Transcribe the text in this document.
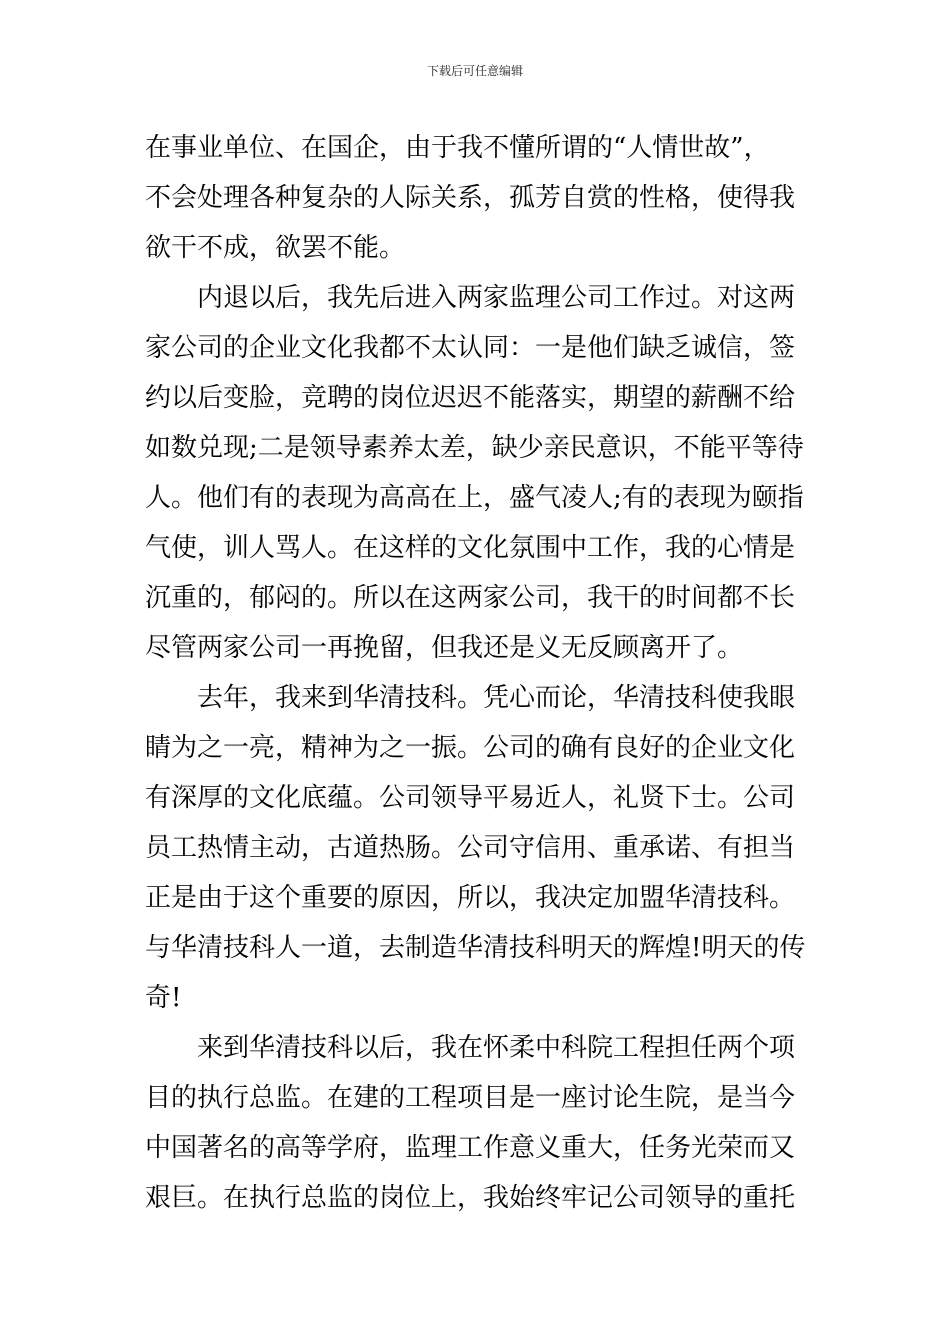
下载后可任意编辑
在事业单位、在国企，由于我不懂所谓的“人情世故”，
不会处理各种复杂的人际关系，孤芳自赏的性格，使得我
欲干不成，欲罢不能。
内退以后，我先后进入两家监理公司工作过。对这两
家公司的企业文化我都不太认同：一是他们缺乏诚信，签
约以后变脸，竞聘的岗位迟迟不能落实，期望的薪酬不给
如数兑现;二是领导素养太差，缺少亲民意识，不能平等待
人。他们有的表现为高高在上，盛气凌人;有的表现为颐指
气使，训人骂人。在这样的文化氛围中工作，我的心情是
沉重的，郁闷的。所以在这两家公司，我干的时间都不长
尽管两家公司一再挽留，但我还是义无反顾离开了。
去年，我来到华清技科。凭心而论，华清技科使我眼
睛为之一亮，精神为之一振。公司的确有良好的企业文化
有深厚的文化底蕴。公司领导平易近人，礼贤下士。公司
员工热情主动，古道热肠。公司守信用、重承诺、有担当
正是由于这个重要的原因，所以，我决定加盟华清技科。
与华清技科人一道，去制造华清技科明天的辉煌!明天的传
奇!
来到华清技科以后，我在怀柔中科院工程担任两个项
目的执行总监。在建的工程项目是一座讨论生院，是当今
中国著名的高等学府，监理工作意义重大，任务光荣而又
艰巨。在执行总监的岗位上，我始终牢记公司领导的重托
